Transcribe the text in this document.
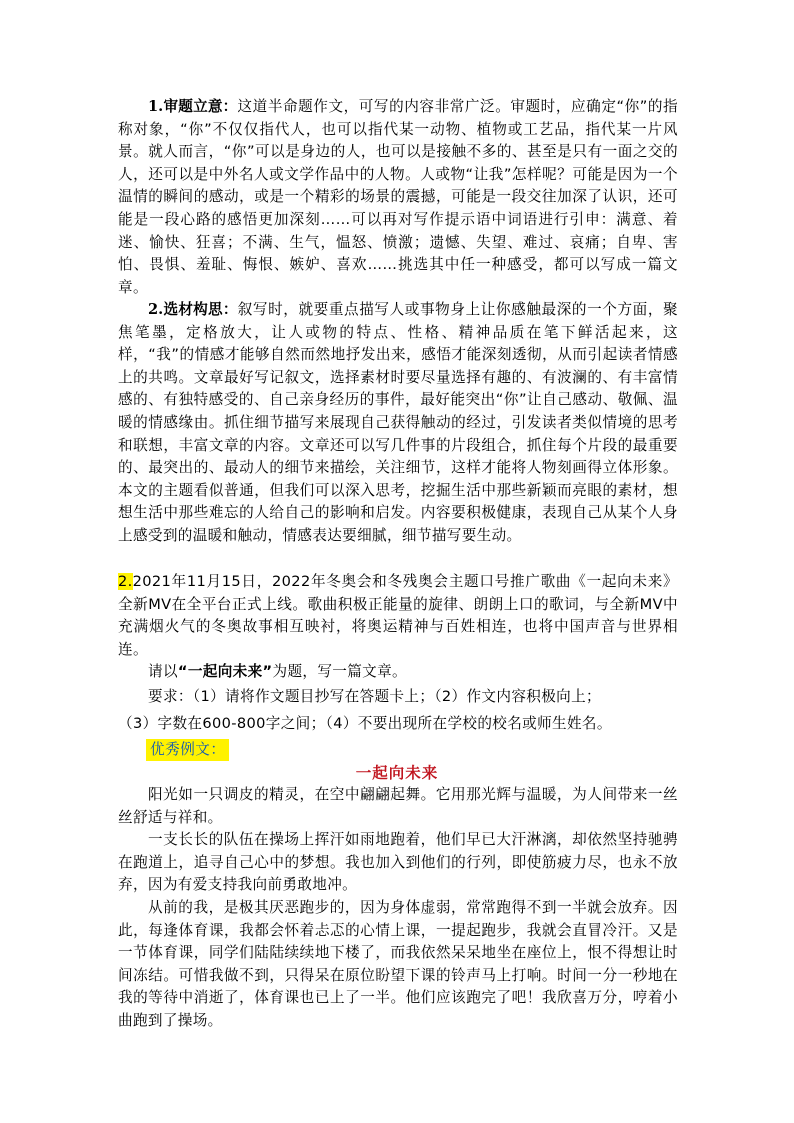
1.审题立意：这道半命题作文，可写的内容非常广泛。审题时，应确定“你”的指称对象，“你”不仅仅指代人，也可以指代某一动物、植物或工艺品，指代某一片风景。就人而言，“你”可以是身边的人，也可以是接触不多的、甚至是只有一面之交的人，还可以是中外名人或文学作品中的人物。人或物“让我”怎样呢？可能是因为一个温情的瞬间的感动，或是一个精彩的场景的震撼，可能是一段交往加深了认识，还可能是一段心路的感悟更加深刻……可以再对写作提示语中词语进行引申：满意、着迷、愉快、狂喜；不满、生气，愠怒、愤激；遗憾、失望、难过、哀痛；自卑、害怕、畏惧、羞耻、悔恨、嫉妒、喜欢……挑选其中任一种感受，都可以写成一篇文章。

2.选材构思：叙写时，就要重点描写人或事物身上让你感触最深的一个方面，聚焦笔墨，定格放大，让人或物的特点、性格、精神品质在笔下鲜活起来，这样，“我”的情感才能够自然而然地抒发出来，感悟才能深刻透彻，从而引起读者情感上的共鸣。文章最好写记叙文，选择素材时要尽量选择有趣的、有波澜的、有丰富情感的、有独特感受的、自己亲身经历的事件，最好能突出“你”让自己感动、敬佩、温暖的情感缘由。抓住细节描写来展现自己获得触动的经过，引发读者类似情境的思考和联想，丰富文章的内容。文章还可以写几件事的片段组合，抓住每个片段的最重要的、最突出的、最动人的细节来描绘，关注细节，这样才能将人物刻画得立体形象。本文的主题看似普通，但我们可以深入思考，挖掘生活中那些新颖而亮眼的素材，想想生活中那些难忘的人给自己的影响和启发。内容要积极健康，表现自己从某个人身上感受到的温暖和触动，情感表达要细腻，细节描写要生动。

2.2021年11月15日，2022年冬奥会和冬残奥会主题口号推广歌曲《一起向未来》全新MV在全平台正式上线。歌曲积极正能量的旋律、朗朗上口的歌词，与全新MV中充满烟火气的冬奥故事相互映衬，将奥运精神与百姓相连，也将中国声音与世界相连。

请以“一起向未来”为题，写一篇文章。

要求：（1）请将作文题目抄写在答题卡上；（2）作文内容积极向上；

（3）字数在600-800字之间；（4）不要出现所在学校的校名或师生姓名。

优秀例文：
一起向未来

阳光如一只调皮的精灵，在空中翩翩起舞。它用那光辉与温暖，为人间带来一丝丝舒适与祥和。

一支长长的队伍在操场上挥汗如雨地跑着，他们早已大汗淋漓，却依然坚持驰骋在跑道上，追寻自己心中的梦想。我也加入到他们的行列，即使筋疲力尽，也永不放弃，因为有爱支持我向前勇敢地冲。

从前的我，是极其厌恶跑步的，因为身体虚弱，常常跑得不到一半就会放弃。因此，每逢体育课，我都会怀着忐忑的心情上课，一提起跑步，我就会直冒冷汗。又是一节体育课，同学们陆陆续续地下楼了，而我依然呆呆地坐在座位上，恨不得想让时间冻结。可惜我做不到，只得呆在原位盼望下课的铃声马上打响。时间一分一秒地在我的等待中消逝了，体育课也已上了一半。他们应该跑完了吧！我欣喜万分，哼着小曲跑到了操场。
